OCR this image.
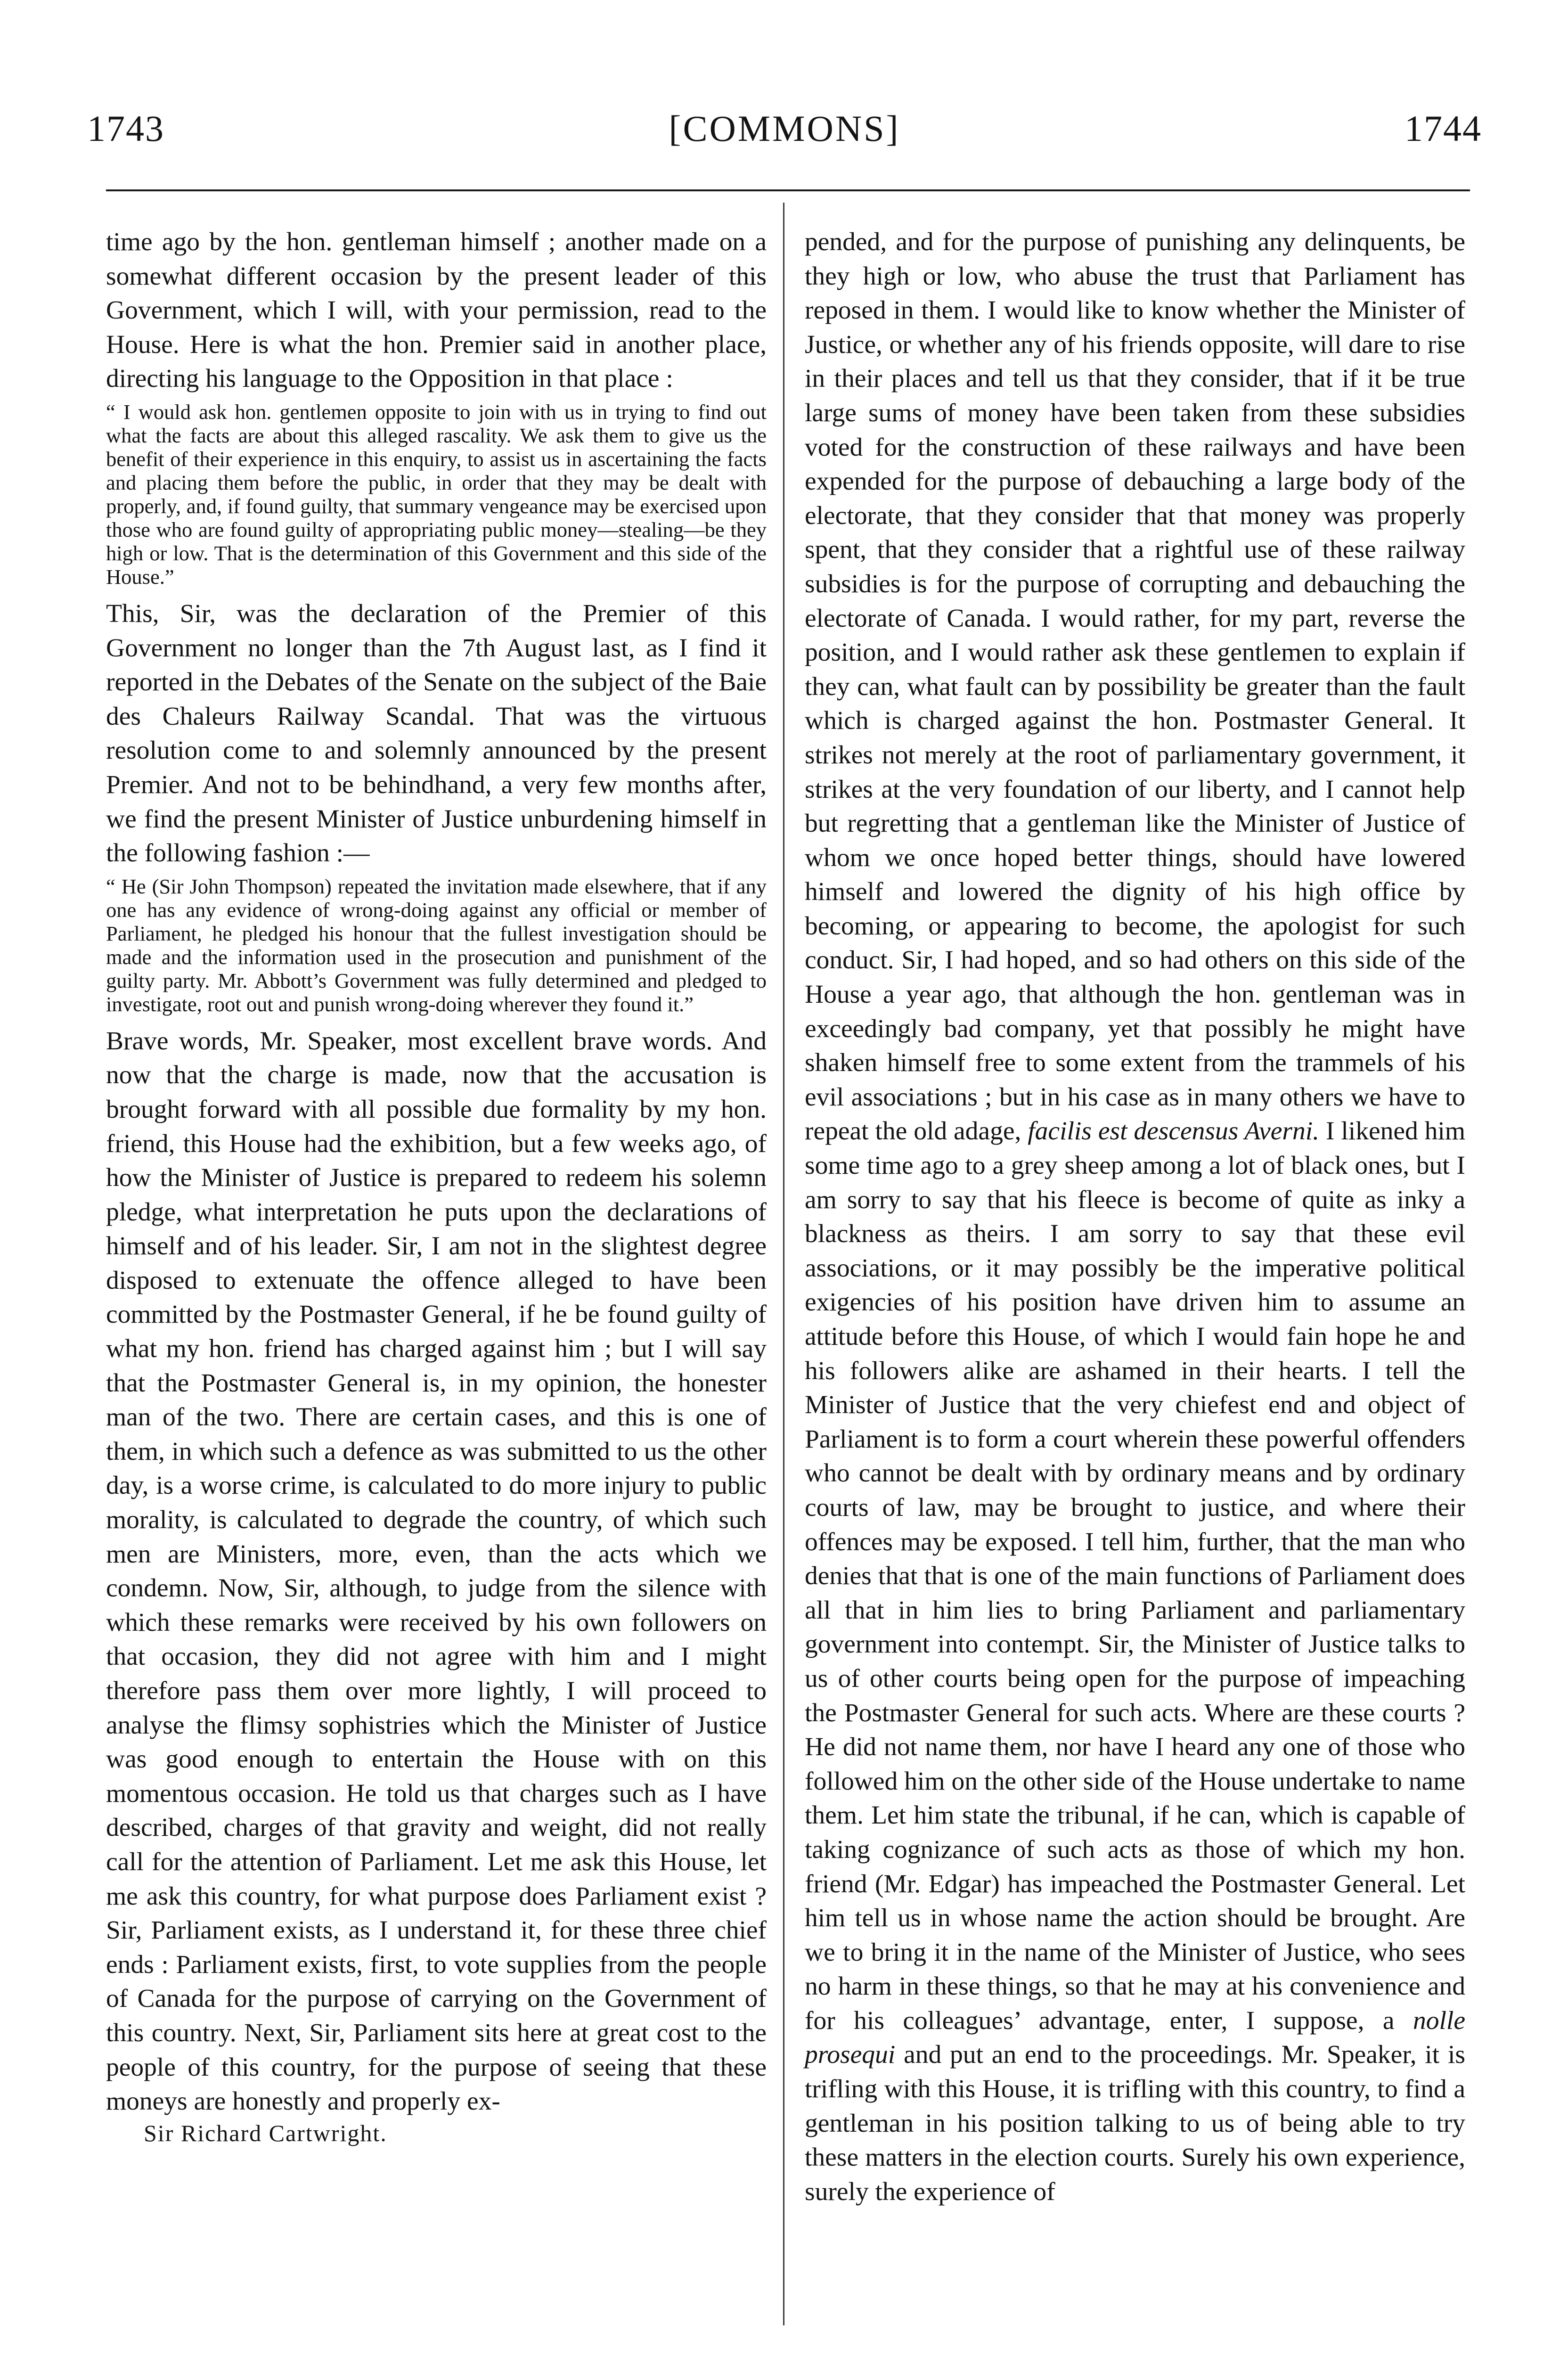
1743	[COMMONS]	1744

time ago by the hon. gentleman himself ; another made on a somewhat different occasion by the present leader of this Government, which I will, with your permission, read to the House. Here is what the hon. Premier said in another place, directing his language to the Opposition in that place :

“ I would ask hon. gentlemen opposite to join with us in trying to find out what the facts are about this alleged rascality. We ask them to give us the benefit of their experience in this enquiry, to assist us in ascertaining the facts and placing them before the public, in order that they may be dealt with properly, and, if found guilty, that summary vengeance may be exercised upon those who are found guilty of appropriating public money—stealing—be they high or low. That is the determination of this Government and this side of the House.”

This, Sir, was the declaration of the Premier of this Government no longer than the 7th August last, as I find it reported in the Debates of the Senate on the subject of the Baie des Chaleurs Railway Scandal. That was the virtuous resolution come to and solemnly announced by the present Premier. And not to be behindhand, a very few months after, we find the present Minister of Justice unburdening himself in the following fashion :—

“ He (Sir John Thompson) repeated the invitation made elsewhere, that if any one has any evidence of wrong-doing against any official or member of Parliament, he pledged his honour that the fullest investigation should be made and the information used in the prosecution and punishment of the guilty party. Mr. Abbott’s Government was fully determined and pledged to investigate, root out and punish wrong-doing wherever they found it.”

Brave words, Mr. Speaker, most excellent brave words. And now that the charge is made, now that the accusation is brought forward with all possible due formality by my hon. friend, this House had the exhibition, but a few weeks ago, of how the Minister of Justice is prepared to redeem his solemn pledge, what interpretation he puts upon the declarations of himself and of his leader. Sir, I am not in the slightest degree disposed to extenuate the offence alleged to have been committed by the Postmaster General, if he be found guilty of what my hon. friend has charged against him ; but I will say that the Postmaster General is, in my opinion, the honester man of the two. There are certain cases, and this is one of them, in which such a defence as was submitted to us the other day, is a worse crime, is calculated to do more injury to public morality, is calculated to degrade the country, of which such men are Ministers, more, even, than the acts which we condemn. Now, Sir, although, to judge from the silence with which these remarks were received by his own followers on that occasion, they did not agree with him and I might therefore pass them over more lightly, I will proceed to analyse the flimsy sophistries which the Minister of Justice was good enough to entertain the House with on this momentous occasion. He told us that charges such as I have described, charges of that gravity and weight, did not really call for the attention of Parliament. Let me ask this House, let me ask this country, for what purpose does Parliament exist ? Sir, Parliament exists, as I understand it, for these three chief ends : Parliament exists, first, to vote supplies from the people of Canada for the purpose of carrying on the Government of this country. Next, Sir, Parliament sits here at great cost to the people of this country, for the purpose of seeing that these moneys are honestly and properly ex-

Sir Richard Cartwright.

pended, and for the purpose of punishing any delinquents, be they high or low, who abuse the trust that Parliament has reposed in them. I would like to know whether the Minister of Justice, or whether any of his friends opposite, will dare to rise in their places and tell us that they consider, that if it be true large sums of money have been taken from these subsidies voted for the construction of these railways and have been expended for the purpose of debauching a large body of the electorate, that they consider that that money was properly spent, that they consider that a rightful use of these railway subsidies is for the purpose of corrupting and debauching the electorate of Canada. I would rather, for my part, reverse the position, and I would rather ask these gentlemen to explain if they can, what fault can by possibility be greater than the fault which is charged against the hon. Postmaster General. It strikes not merely at the root of parliamentary government, it strikes at the very foundation of our liberty, and I cannot help but regretting that a gentleman like the Minister of Justice of whom we once hoped better things, should have lowered himself and lowered the dignity of his high office by becoming, or appearing to become, the apologist for such conduct. Sir, I had hoped, and so had others on this side of the House a year ago, that although the hon. gentleman was in exceedingly bad company, yet that possibly he might have shaken himself free to some extent from the trammels of his evil associations ; but in his case as in many others we have to repeat the old adage, facilis est descensus Averni. I likened him some time ago to a grey sheep among a lot of black ones, but I am sorry to say that his fleece is become of quite as inky a blackness as theirs. I am sorry to say that these evil associations, or it may possibly be the imperative political exigencies of his position have driven him to assume an attitude before this House, of which I would fain hope he and his followers alike are ashamed in their hearts. I tell the Minister of Justice that the very chiefest end and object of Parliament is to form a court wherein these powerful offenders who cannot be dealt with by ordinary means and by ordinary courts of law, may be brought to justice, and where their offences may be exposed. I tell him, further, that the man who denies that that is one of the main functions of Parliament does all that in him lies to bring Parliament and parliamentary government into contempt. Sir, the Minister of Justice talks to us of other courts being open for the purpose of impeaching the Postmaster General for such acts. Where are these courts ? He did not name them, nor have I heard any one of those who followed him on the other side of the House undertake to name them. Let him state the tribunal, if he can, which is capable of taking cognizance of such acts as those of which my hon. friend (Mr. Edgar) has impeached the Postmaster General. Let him tell us in whose name the action should be brought. Are we to bring it in the name of the Minister of Justice, who sees no harm in these things, so that he may at his convenience and for his colleagues’ advantage, enter, I suppose, a nolle prosequi and put an end to the proceedings. Mr. Speaker, it is trifling with this House, it is trifling with this country, to find a gentleman in his position talking to us of being able to try these matters in the election courts. Surely his own experience, surely the experience of
